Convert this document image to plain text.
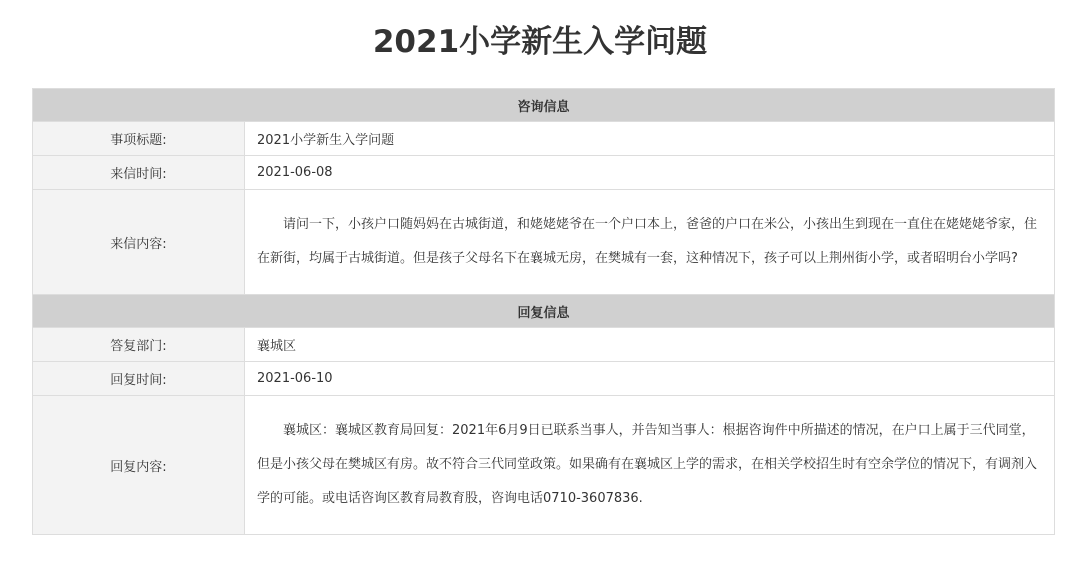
2021小学新生入学问题
咨询信息	
事项标题:	2021小学新生入学问题
来信时间:	2021-06-08
来信内容:	请问一下，小孩户口随妈妈在古城街道，和姥姥姥爷在一个户口本上，爸爸的户口在米公，小孩出生到现在一直住在姥姥姥爷家，住在新街，均属于古城街道。但是孩子父母名下在襄城无房，在樊城有一套，这种情况下，孩子可以上荆州街小学，或者昭明台小学吗?
回复信息	
答复部门:	襄城区
回复时间:	2021-06-10
回复内容:	襄城区：襄城区教育局回复：2021年6月9日已联系当事人，并告知当事人：根据咨询件中所描述的情况，在户口上属于三代同堂，但是小孩父母在樊城区有房。故不符合三代同堂政策。如果确有在襄城区上学的需求，在相关学校招生时有空余学位的情况下，有调剂入学的可能。或电话咨询区教育局教育股，咨询电话0710-3607836.
